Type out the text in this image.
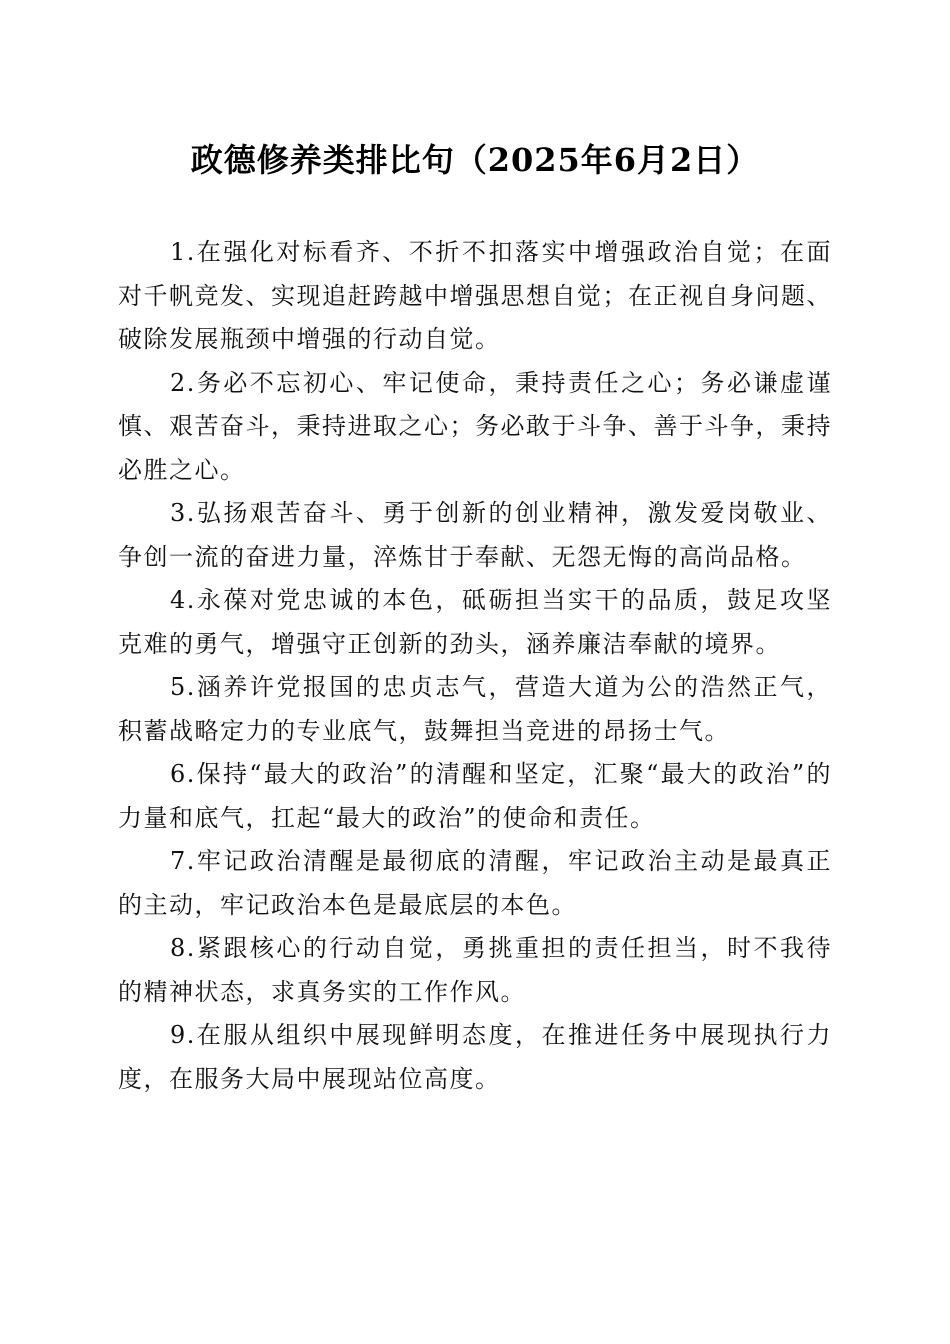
政德修养类排比句（2025年6月2日）

1.在强化对标看齐、不折不扣落实中增强政治自觉；在面对千帆竞发、实现追赶跨越中增强思想自觉；在正视自身问题、破除发展瓶颈中增强的行动自觉。

2.务必不忘初心、牢记使命，秉持责任之心；务必谦虚谨慎、艰苦奋斗，秉持进取之心；务必敢于斗争、善于斗争，秉持必胜之心。

3.弘扬艰苦奋斗、勇于创新的创业精神，激发爱岗敬业、争创一流的奋进力量，淬炼甘于奉献、无怨无悔的高尚品格。

4.永葆对党忠诚的本色，砥砺担当实干的品质，鼓足攻坚克难的勇气，增强守正创新的劲头，涵养廉洁奉献的境界。

5.涵养许党报国的忠贞志气，营造大道为公的浩然正气，积蓄战略定力的专业底气，鼓舞担当竞进的昂扬士气。

6.保持“最大的政治”的清醒和坚定，汇聚“最大的政治”的力量和底气，扛起“最大的政治”的使命和责任。

7.牢记政治清醒是最彻底的清醒，牢记政治主动是最真正的主动，牢记政治本色是最底层的本色。

8.紧跟核心的行动自觉，勇挑重担的责任担当，时不我待的精神状态，求真务实的工作作风。

9.在服从组织中展现鲜明态度，在推进任务中展现执行力度，在服务大局中展现站位高度。
